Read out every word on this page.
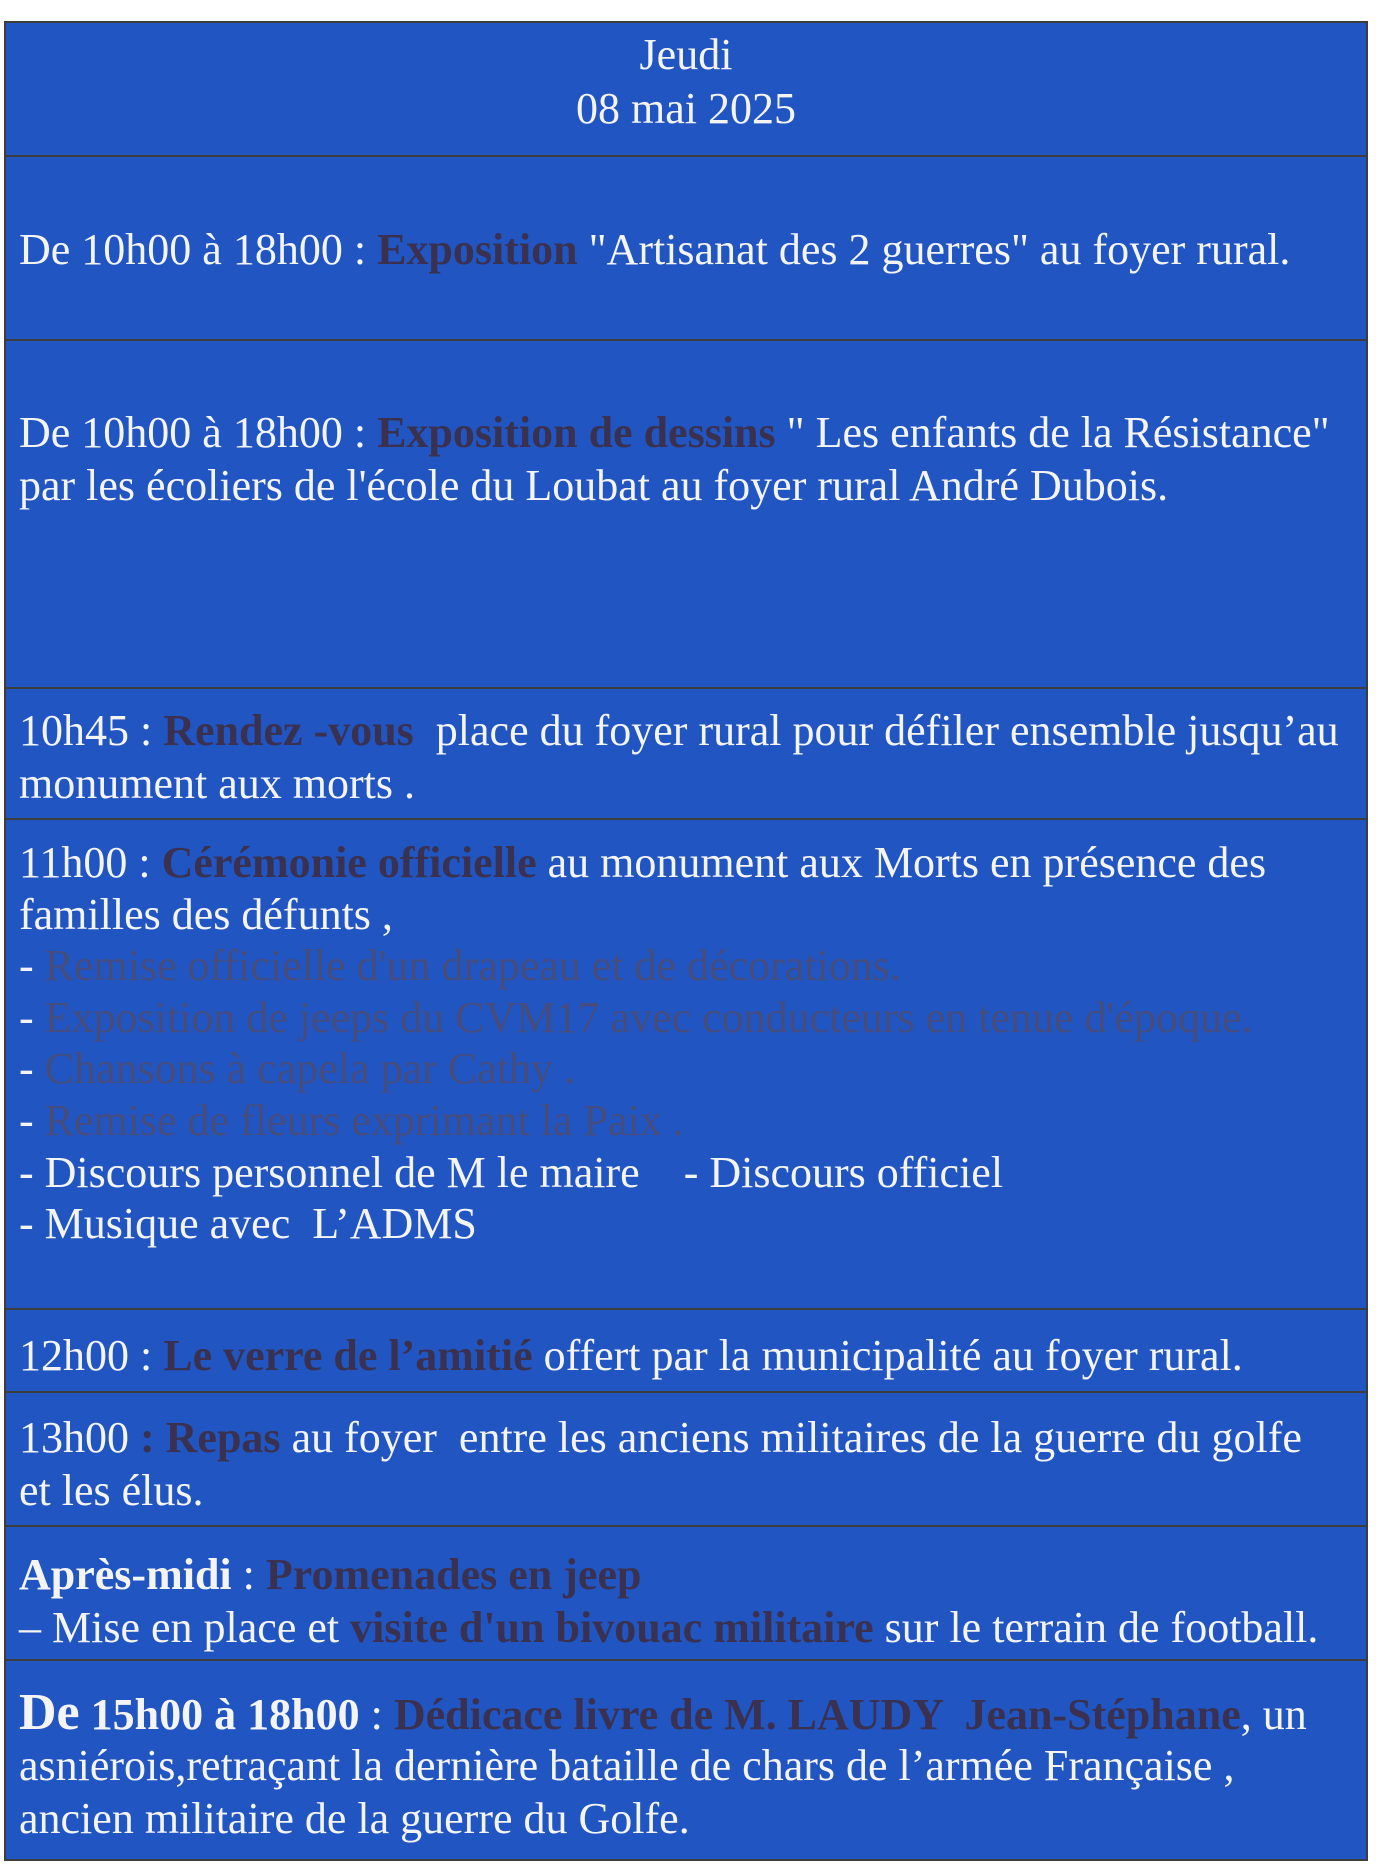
Jeudi
08 mai 2025
De 10h00 à 18h00 : Exposition "Artisanat des 2 guerres" au foyer rural.
De 10h00 à 18h00 : Exposition de dessins " Les enfants de la Résistance"
par les écoliers de l'école du Loubat au foyer rural André Dubois.
10h45 : Rendez -vous  place du foyer rural pour défiler ensemble jusqu’au
monument aux morts .
11h00 : Cérémonie officielle au monument aux Morts en présence des
familles des défunts ,
- Remise officielle d'un drapeau et de décorations.
- Exposition de jeeps du CVM17 avec conducteurs en tenue d'époque.
- Chansons à capela par Cathy .
- Remise de fleurs exprimant la Paix .
- Discours personnel de M le maire - Discours officiel
- Musique avec  L’ADMS
12h00 : Le verre de l’amitié offert par la municipalité au foyer rural.
13h00 : Repas au foyer  entre les anciens militaires de la guerre du golfe
et les élus.
Après-midi : Promenades en jeep
– Mise en place et visite d'un bivouac militaire sur le terrain de football.
De 15h00 à 18h00 : Dédicace livre de M. LAUDY  Jean-Stéphane, un
asniérois,retraçant la dernière bataille de chars de l’armée Française ,
ancien militaire de la guerre du Golfe.
